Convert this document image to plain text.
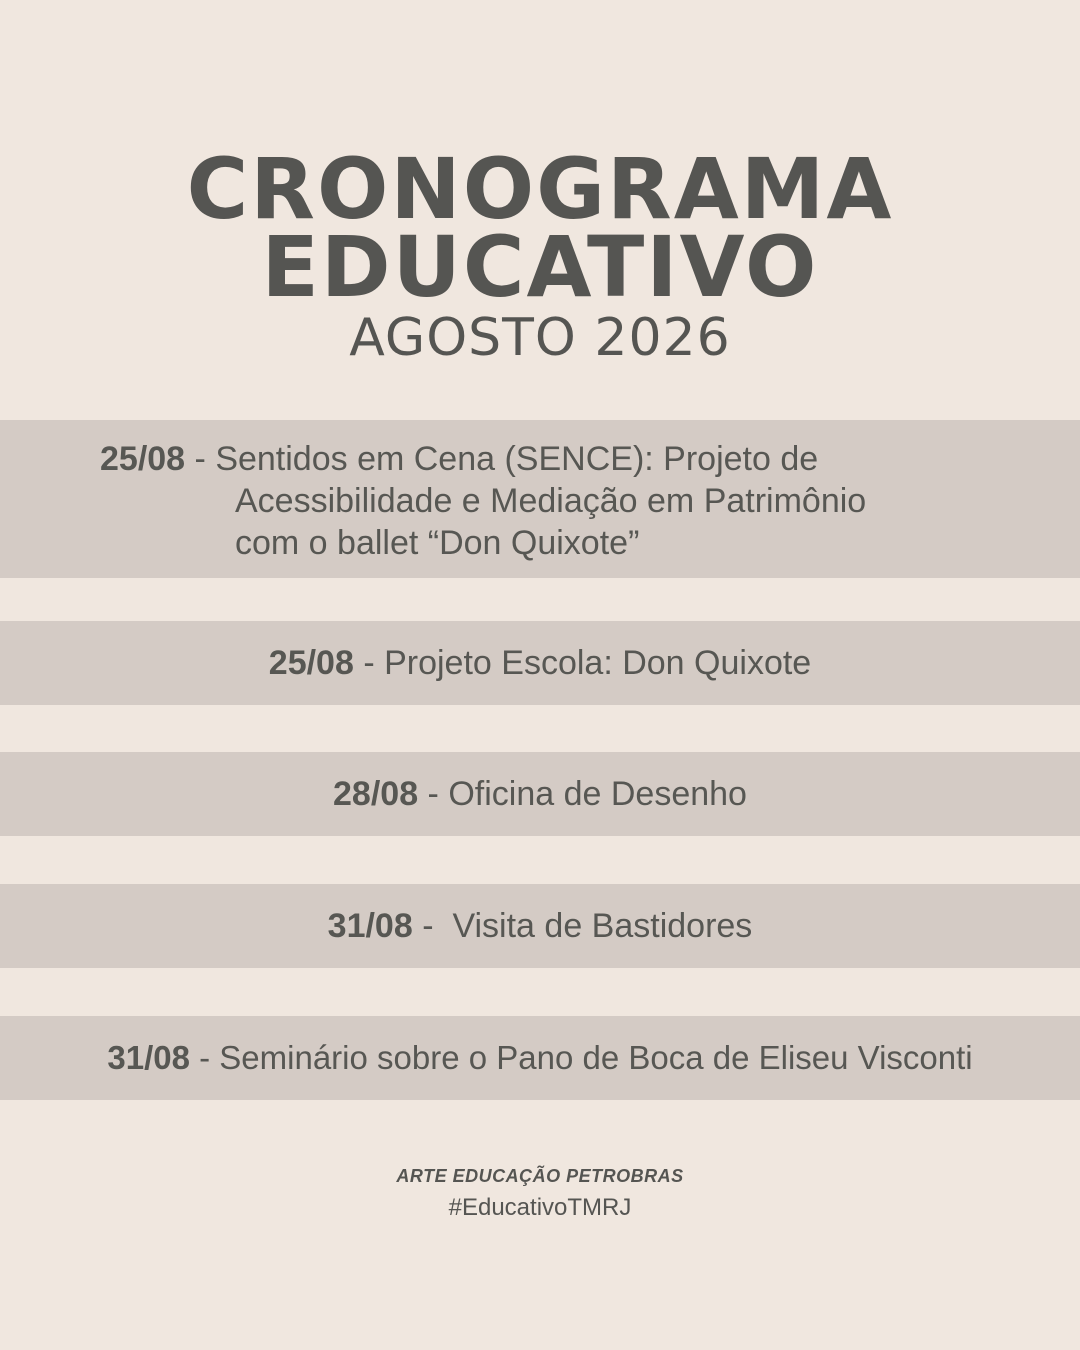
CRONOGRAMA
EDUCATIVO
AGOSTO 2026
25/08 - Sentidos em Cena (SENCE): Projeto de
Acessibilidade e Mediação em Patrimônio
com o ballet “Don Quixote”
25/08 - Projeto Escola: Don Quixote
28/08 - Oficina de Desenho
31/08 -  Visita de Bastidores
31/08 - Seminário sobre o Pano de Boca de Eliseu Visconti
ARTE EDUCAÇÃO PETROBRAS
#EducativoTMRJ
